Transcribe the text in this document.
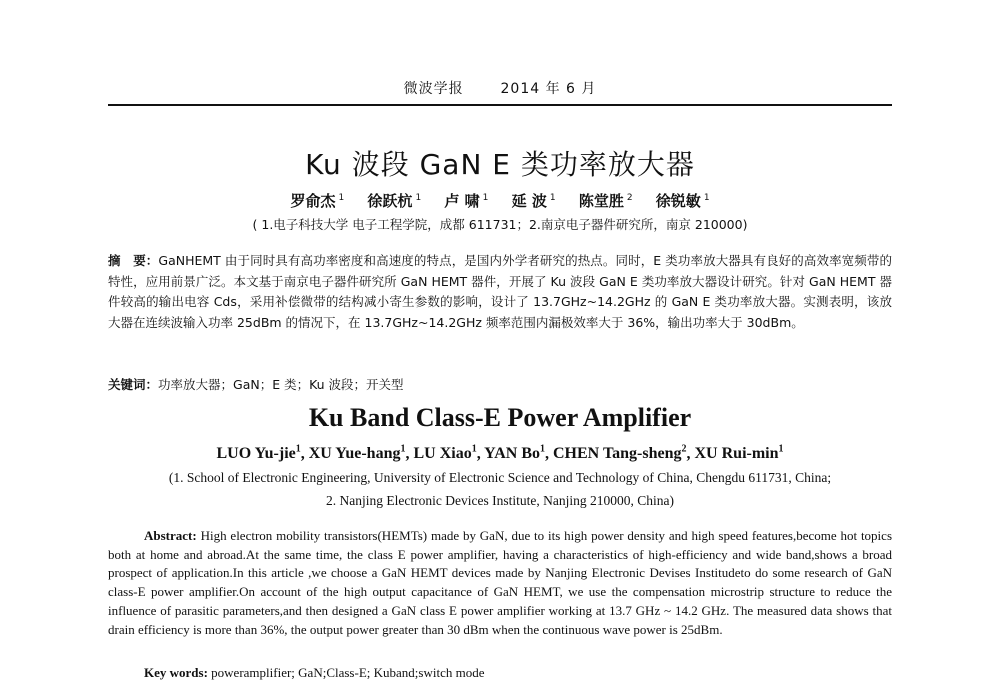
微波学报	2014 年 6 月
Ku 波段 GaN E 类功率放大器
罗俞杰 $^1$ 徐跃杭 $^1$ 卢 啸 $^1$ 延 波 $^1$ 陈堂胜 $^2$ 徐锐敏 $^1$
( 1.电子科技大学 电子工程学院，成都 611731；2.南京电子器件研究所，南京 210000)
摘　要：GaNHEMT 由于同时具有高功率密度和高速度的特点，是国内外学者研究的热点。同时，E 类功率放大器具有良好的高效率宽频带的特性，应用前景广泛。本文基于南京电子器件研究所 GaN HEMT 器件，开展了 Ku 波段 GaN E 类功率放大器设计研究。针对 GaN HEMT 器件较高的输出电容 Cds，采用补偿微带的结构减小寄生参数的影响，设计了 13.7GHz~14.2GHz 的 GaN E 类功率放大器。实测表明，该放大器在连续波输入功率 25dBm 的情况下，在 13.7GHz~14.2GHz 频率范围内漏极效率大于 36%，输出功率大于 30dBm。
关键词：功率放大器；GaN；E 类；Ku 波段；开关型
Ku Band Class-E Power Amplifier
LUO Yu-jie$^1$, XU Yue-hang$^1$, LU Xiao$^1$, YAN Bo$^1$, CHEN Tang-sheng$^2$, XU Rui-$\min^1$
(1. School of Electronic Engineering, University of Electronic Science and Technology of China, Chengdu 611731, China;
2. Nanjing Electronic Devices Institute, Nanjing 210000, China)
Abstract: High electron mobility transistors(HEMTs) made by GaN, due to its high power density and high speed features,become hot topics both at home and abroad.At the same time, the class E power amplifier, having a characteristics of high-efficiency and wide band,shows a broad prospect of application.In this article ,we choose a GaN HEMT devices made by Nanjing Electronic Devises Institudeto do some research of GaN class-E power amplifier.On account of the high output capacitance of GaN HEMT, we use the compensation microstrip structure to reduce the influence of parasitic parameters,and then designed a GaN class E power amplifier working at 13.7 GHz ~ 14.2 GHz. The measured data shows that drain efficiency is more than 36%, the output power greater than 30 dBm when the continuous wave power is 25dBm.
Key words: poweramplifier; GaN;Class-E; Kuband;switch mode
